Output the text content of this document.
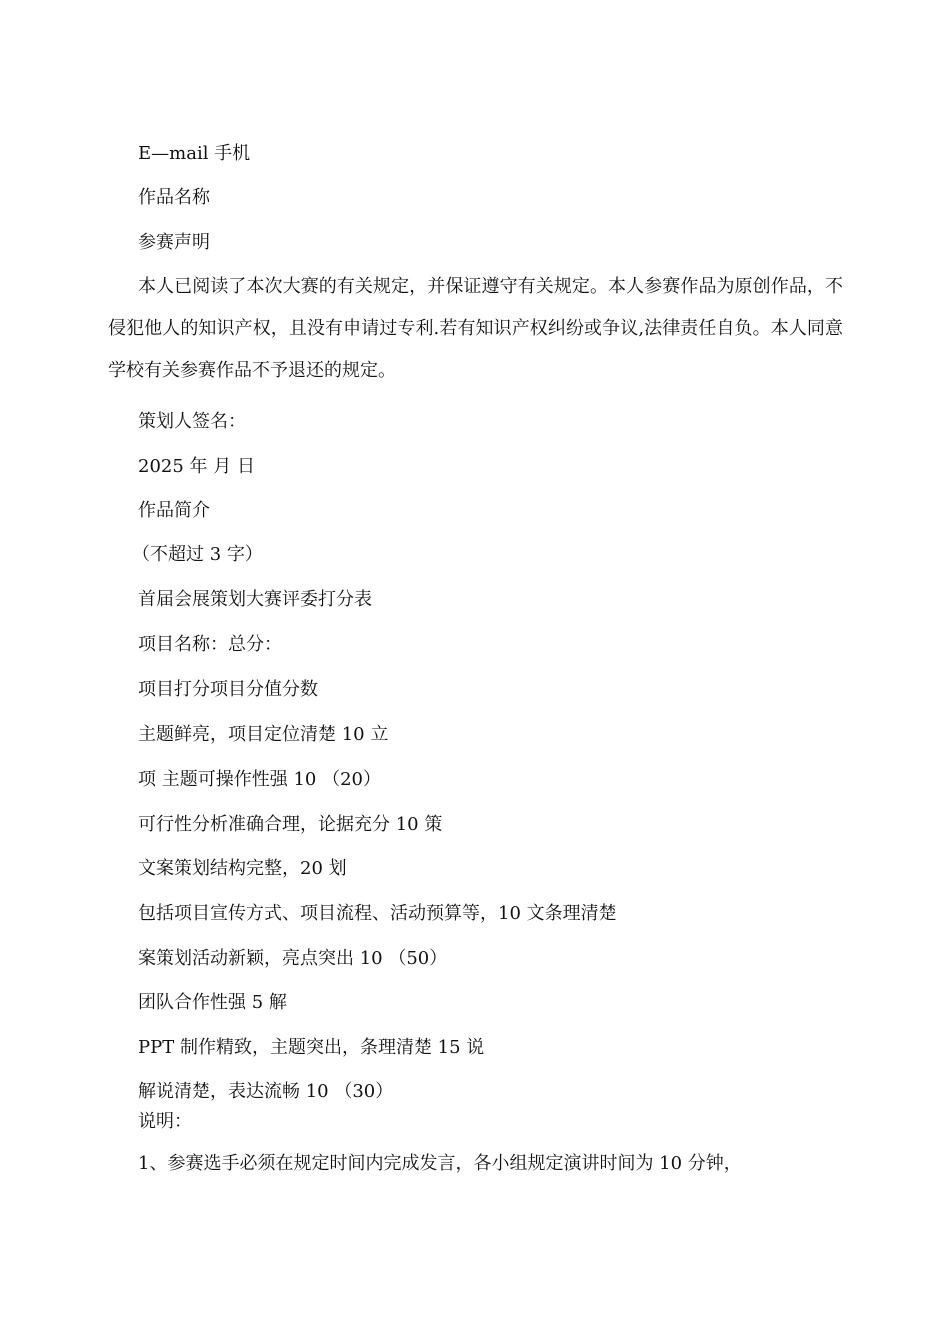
E—mail 手机
作品名称
参赛声明
本人已阅读了本次大赛的有关规定，并保证遵守有关规定。本人参赛作品为原创作品，不侵犯他人的知识产权，且没有申请过专利.若有知识产权纠纷或争议,法律责任自负。本人同意学校有关参赛作品不予退还的规定。
策划人签名：
2025 年 月 日
作品简介
（不超过 3 字）
首届会展策划大赛评委打分表
项目名称：总分：
项目打分项目分值分数
主题鲜亮，项目定位清楚 10 立
项 主题可操作性强 10 （20）
可行性分析准确合理，论据充分 10 策
文案策划结构完整，20 划
包括项目宣传方式、项目流程、活动预算等，10 文条理清楚
案策划活动新颖，亮点突出 10 （50）
团队合作性强 5 解
PPT 制作精致，主题突出，条理清楚 15 说
解说清楚，表达流畅 10 （30）
说明：
1、参赛选手必须在规定时间内完成发言，各小组规定演讲时间为 10 分钟，
